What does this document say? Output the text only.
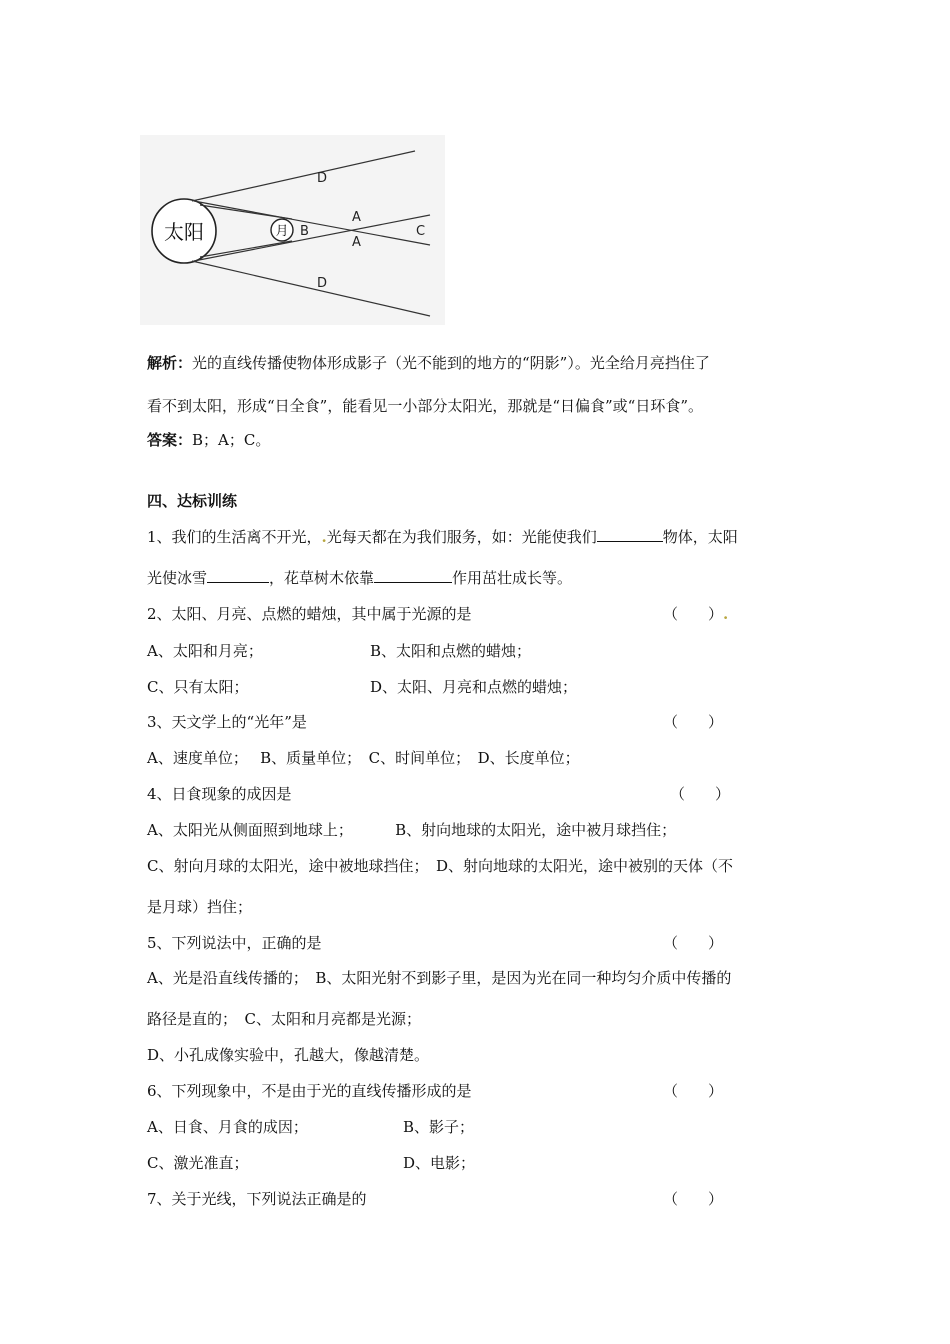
太阳	月
D
A
B
A
C
D
解析：光的直线传播使物体形成影子（光不能到的地方的“阴影”）。光全给月亮挡住了
看不到太阳，形成“日全食”，能看见一小部分太阳光，那就是“日偏食”或“日环食”。
答案：B；A；C。
四、达标训练
1、我们的生活离不开光，.光每天都在为我们服务，如：光能使我们	物体，太阳
光使冰雪	，花草树木依靠	作用茁壮成长等。
2、太阳、月亮、点燃的蜡烛，其中属于光源的是	（　　）.
A、太阳和月亮；	B、太阳和点燃的蜡烛；
C、只有太阳；	D、太阳、月亮和点燃的蜡烛；
3、天文学上的“光年”是	（　　）
A、速度单位；　 B、质量单位；　C、时间单位；　D、长度单位；
4、日食现象的成因是	（　　）
A、太阳光从侧面照到地球上；　　　 B、射向地球的太阳光，途中被月球挡住；
C、射向月球的太阳光，途中被地球挡住；　D、射向地球的太阳光，途中被别的天体（不
是月球）挡住；
5、下列说法中，正确的是	（　　）
A、光是沿直线传播的；　B、太阳光射不到影子里，是因为光在同一种均匀介质中传播的
路径是直的；　C、太阳和月亮都是光源；
D、小孔成像实验中，孔越大，像越清楚。
6、下列现象中，不是由于光的直线传播形成的是	（　　）
A、日食、月食的成因；	B、影子；
C、激光准直；	D、电影；
7、关于光线，下列说法正确是的	（　　）
